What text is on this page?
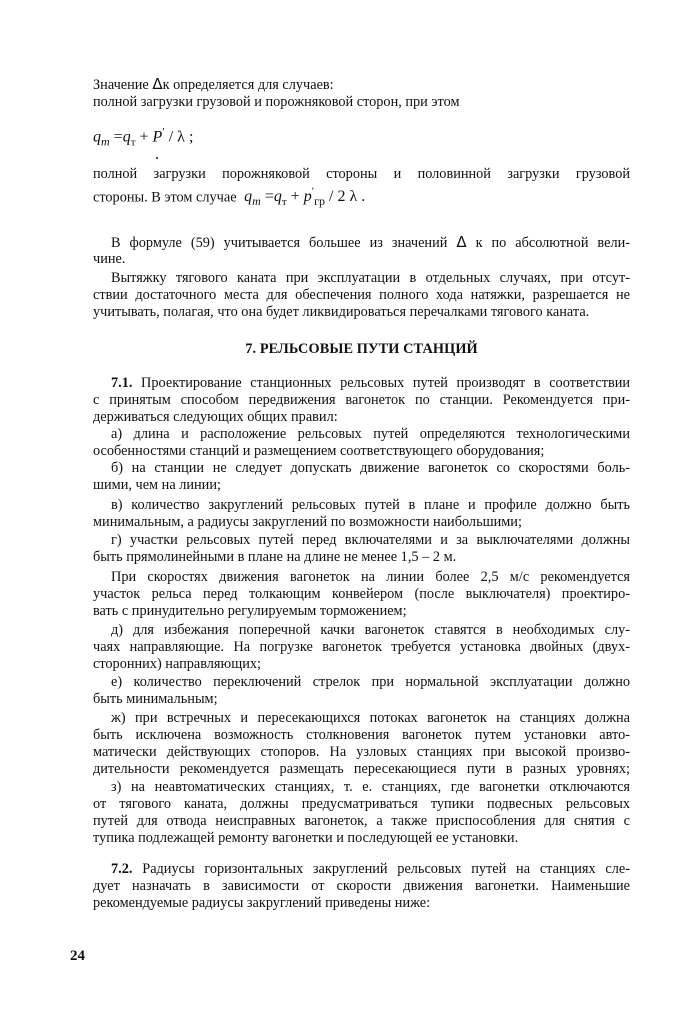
Значение Δк определяется для случаев:
полной загрузки грузовой и порожняковой сторон, при этом
$q_m =q_т + P' / \lambda$ ;
полной загрузки порожняковой стороны и половинной загрузки грузовой
стороны. В этом случае $q_m =q_т + p'_{гр} / 2$ λ .
В формуле (59) учитывается большее из значений Δ к по абсолютной вели-
чине.
Вытяжку тягового каната при эксплуатации в отдельных случаях, при отсут-
ствии достаточного места для обеспечения полного хода натяжки, разрешается не
учитывать, полагая, что она будет ликвидироваться перечалками тягового каната.
7. РЕЛЬСОВЫЕ ПУТИ СТАНЦИЙ
7.1. Проектирование станционных рельсовых путей производят в соответствии
с принятым способом передвижения вагонеток по станции. Рекомендуется при-
держиваться следующих общих правил:
а) длина и расположение рельсовых путей определяются технологическими
особенностями станций и размещением соответствующего оборудования;
б) на станции не следует допускать движение вагонеток со скоростями боль-
шими, чем на линии;
в) количество закруглений рельсовых путей в плане и профиле должно быть
минимальным, а радиусы закруглений по возможности наибольшими;
г) участки рельсовых путей перед включателями и за выключателями должны
быть прямолинейными в плане на длине не менее 1,5 – 2 м.
При скоростях движения вагонеток на линии более 2,5 м/с рекомендуется
участок рельса перед толкающим конвейером (после выключателя) проектиро-
вать с принудительно регулируемым торможением;
д) для избежания поперечной качки вагонеток ставятся в необходимых слу-
чаях направляющие. На погрузке вагонеток требуется установка двойных (двух-
сторонних) направляющих;
е) количество переключений стрелок при нормальной эксплуатации должно
быть минимальным;
ж) при встречных и пересекающихся потоках вагонеток на станциях должна
быть исключена возможность столкновения вагонеток путем установки авто-
матически действующих стопоров. На узловых станциях при высокой произво-
дительности рекомендуется размещать пересекающиеся пути в разных уровнях;
з) на неавтоматических станциях, т. е. станциях, где вагонетки отключаются
от тягового каната, должны предусматриваться тупики подвесных рельсовых
путей для отвода неисправных вагонеток, а также приспособления для снятия с
тупика подлежащей ремонту вагонетки и последующей ее установки.
7.2. Радиусы горизонтальных закруглений рельсовых путей на станциях сле-
дует назначать в зависимости от скорости движения вагонетки. Наименьшие
рекомендуемые радиусы закруглений приведены ниже:
24
